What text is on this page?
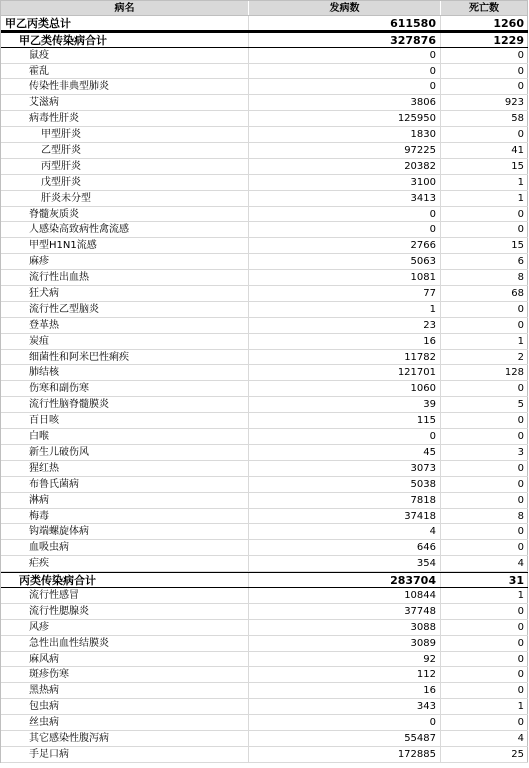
病名	发病数	死亡数
甲乙丙类总计	611580	1260
甲乙类传染病合计	327876	1229
鼠疫	0	0
霍乱	0	0
传染性非典型肺炎	0	0
艾滋病	3806	923
病毒性肝炎	125950	58
甲型肝炎	1830	0
乙型肝炎	97225	41
丙型肝炎	20382	15
戊型肝炎	3100	1
肝炎未分型	3413	1
脊髓灰质炎	0	0
人感染高致病性禽流感	0	0
甲型H1N1流感	2766	15
麻疹	5063	6
流行性出血热	1081	8
狂犬病	77	68
流行性乙型脑炎	1	0
登革热	23	0
炭疽	16	1
细菌性和阿米巴性痢疾	11782	2
肺结核	121701	128
伤寒和副伤寒	1060	0
流行性脑脊髓膜炎	39	5
百日咳	115	0
白喉	0	0
新生儿破伤风	45	3
猩红热	3073	0
布鲁氏菌病	5038	0
淋病	7818	0
梅毒	37418	8
钩端螺旋体病	4	0
血吸虫病	646	0
疟疾	354	4
丙类传染病合计	283704	31
流行性感冒	10844	1
流行性腮腺炎	37748	0
风疹	3088	0
急性出血性结膜炎	3089	0
麻风病	92	0
斑疹伤寒	112	0
黑热病	16	0
包虫病	343	1
丝虫病	0	0
其它感染性腹泻病	55487	4
手足口病	172885	25
